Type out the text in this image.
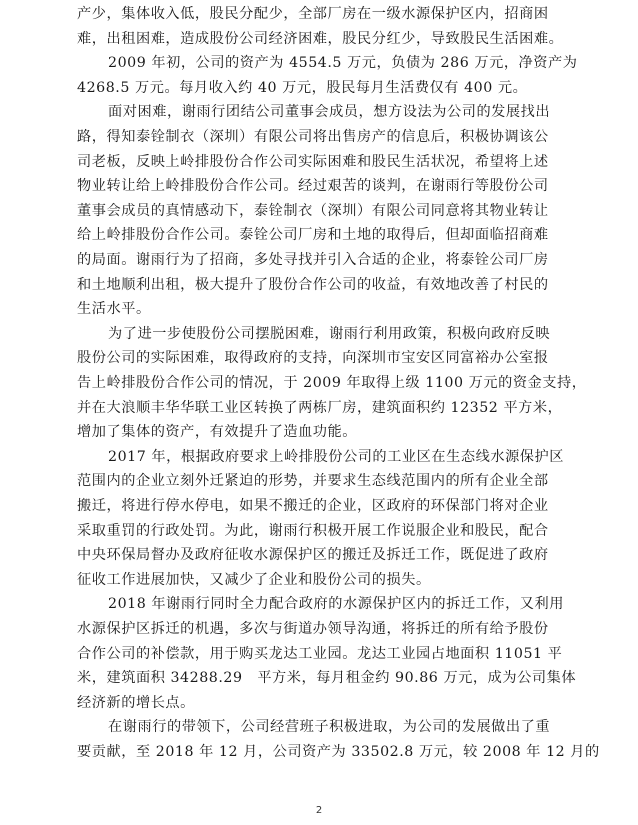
2
产少，集体收入低，股民分配少，全部厂房在一级水源保护区内，招商困
难，出租困难，造成股份公司经济困难，股民分红少，导致股民生活困难。
2009 年初，公司的资产为 4554.5 万元，负债为 286 万元，净资产为
4268.5 万元。每月收入约 40 万元，股民每月生活费仅有 400 元。
面对困难，谢雨行团结公司董事会成员，想方设法为公司的发展找出
路，得知泰铨制衣（深圳）有限公司将出售房产的信息后，积极协调该公
司老板，反映上岭排股份合作公司实际困难和股民生活状况，希望将上述
物业转让给上岭排股份合作公司。经过艰苦的谈判，在谢雨行等股份公司
董事会成员的真情感动下，泰铨制衣（深圳）有限公司同意将其物业转让
给上岭排股份合作公司。泰铨公司厂房和土地的取得后，但却面临招商难
的局面。谢雨行为了招商，多处寻找并引入合适的企业，将泰铨公司厂房
和土地顺利出租，极大提升了股份合作公司的收益，有效地改善了村民的
生活水平。
为了进一步使股份公司摆脱困难，谢雨行利用政策，积极向政府反映
股份公司的实际困难，取得政府的支持，向深圳市宝安区同富裕办公室报
告上岭排股份合作公司的情况，于 2009 年取得上级 1100 万元的资金支持，
并在大浪顺丰华华联工业区转换了两栋厂房，建筑面积约 12352 平方米，
增加了集体的资产，有效提升了造血功能。
2017 年，根据政府要求上岭排股份公司的工业区在生态线水源保护区
范围内的企业立刻外迁紧迫的形势，并要求生态线范围内的所有企业全部
搬迁，将进行停水停电，如果不搬迁的企业，区政府的环保部门将对企业
采取重罚的行政处罚。为此，谢雨行积极开展工作说服企业和股民，配合
中央环保局督办及政府征收水源保护区的搬迁及拆迁工作，既促进了政府
征收工作进展加快，又减少了企业和股份公司的损失。
2018 年谢雨行同时全力配合政府的水源保护区内的拆迁工作，又利用
水源保护区拆迁的机遇，多次与街道办领导沟通，将拆迁的所有给予股份
合作公司的补偿款，用于购买龙达工业园。龙达工业园占地面积 11051 平
米，建筑面积 34288.29　平方米，每月租金约 90.86 万元，成为公司集体
经济新的增长点。
在谢雨行的带领下，公司经营班子积极进取，为公司的发展做出了重
要贡献，至 2018 年 12 月，公司资产为 33502.8 万元，较 2008 年 12 月的
